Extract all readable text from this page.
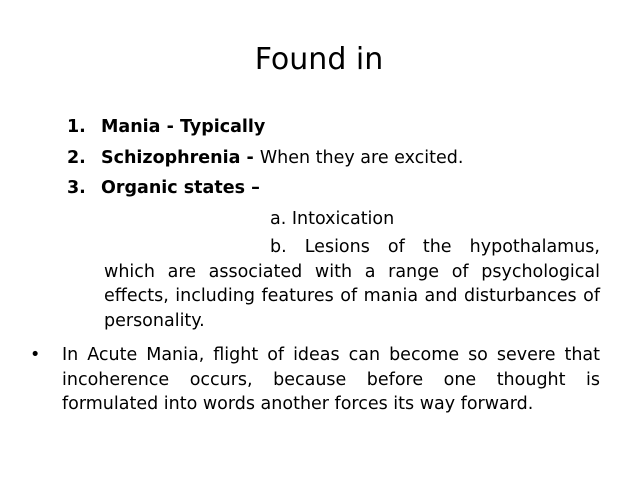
Found in
1. Mania - Typically
2. Schizophrenia - When they are excited.
3. Organic states –
a. Intoxication
b. Lesions of the hypothalamus, which are associated with a range of psychological effects, including features of mania and disturbances of personality.
• In Acute Mania, flight of ideas can become so severe that incoherence occurs, because before one thought is formulated into words another forces its way forward.
